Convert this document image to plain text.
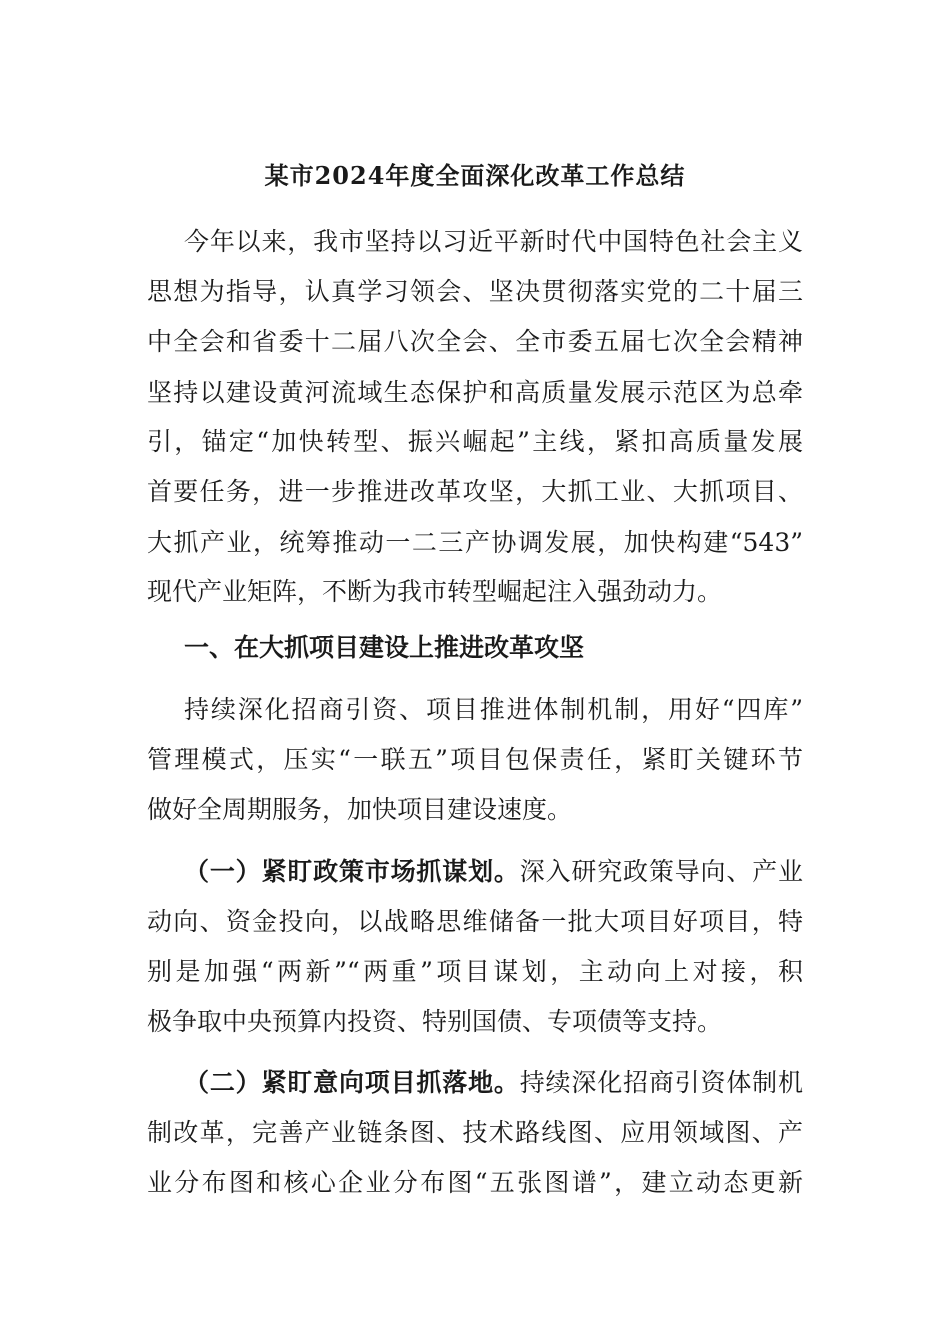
某市2024年度全面深化改革工作总结
今年以来，我市坚持以习近平新时代中国特色社会主义
思想为指导，认真学习领会、坚决贯彻落实党的二十届三
中全会和省委十二届八次全会、全市委五届七次全会精神
坚持以建设黄河流域生态保护和高质量发展示范区为总牵
引，锚定“加快转型、振兴崛起”主线，紧扣高质量发展
首要任务，进一步推进改革攻坚，大抓工业、大抓项目、
大抓产业，统筹推动一二三产协调发展，加快构建“543”
现代产业矩阵，不断为我市转型崛起注入强劲动力。
一、在大抓项目建设上推进改革攻坚
持续深化招商引资、项目推进体制机制，用好“四库”
管理模式，压实“一联五”项目包保责任，紧盯关键环节
做好全周期服务，加快项目建设速度。
（一）紧盯政策市场抓谋划。深入研究政策导向、产业
动向、资金投向，以战略思维储备一批大项目好项目，特
别是加强“两新”“两重”项目谋划，主动向上对接，积
极争取中央预算内投资、特别国债、专项债等支持。
（二）紧盯意向项目抓落地。持续深化招商引资体制机
制改革，完善产业链条图、技术路线图、应用领域图、产
业分布图和核心企业分布图“五张图谱”，建立动态更新
